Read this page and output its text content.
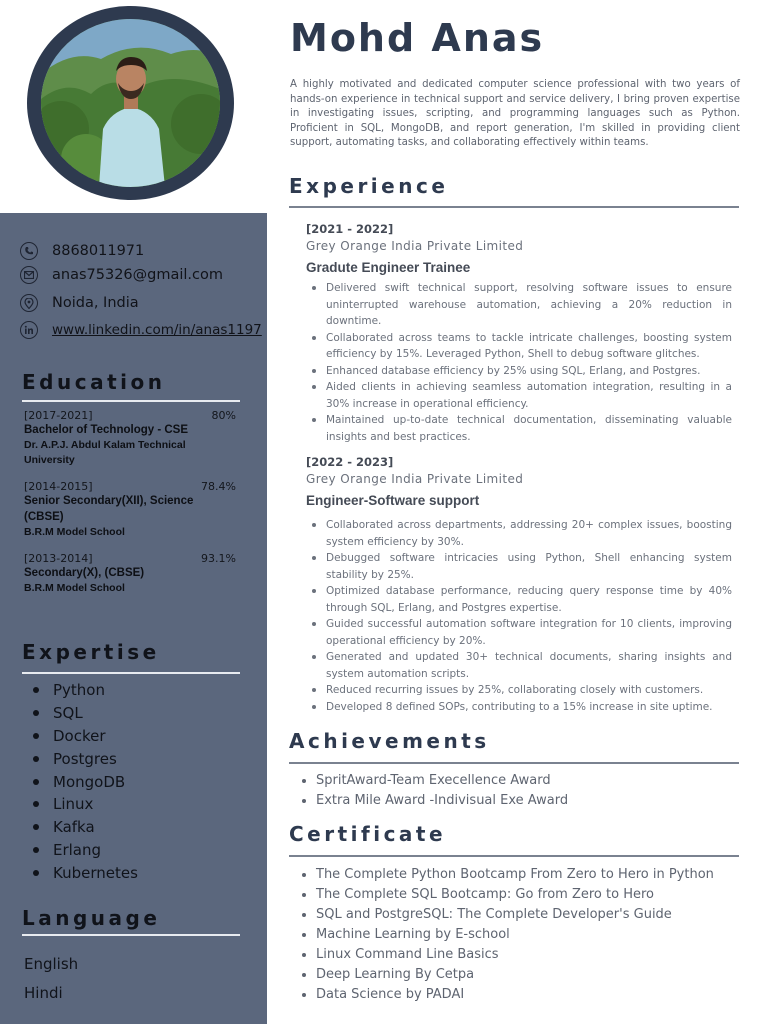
8868011971
anas75326@gmail.com
Noida, India
www.linkedin.com/in/anas1197
Education
[2017-2021]	80%
Bachelor of Technology - CSE
Dr. A.P.J. Abdul Kalam Technical University
[2014-2015]	78.4%
Senior Secondary(XII), Science (CBSE)
B.R.M Model School
[2013-2014]	93.1%
Secondary(X), (CBSE)
B.R.M Model School
Expertise
Python
SQL
Docker
Postgres
MongoDB
Linux
Kafka
Erlang
Kubernetes
Language
English
Hindi
Mohd Anas
A highly motivated and dedicated computer science professional with two years of hands-on experience in technical support and service delivery, I bring proven expertise in investigating issues, scripting, and programming languages such as Python. Proficient in SQL, MongoDB, and report generation, I'm skilled in providing client support, automating tasks, and collaborating effectively within teams.
Experience
[2021 - 2022]
Grey Orange India Private Limited
Gradute Engineer Trainee
Delivered swift technical support, resolving software issues to ensure uninterrupted warehouse automation, achieving a 20% reduction in downtime.
Collaborated across teams to tackle intricate challenges, boosting system efficiency by 15%. Leveraged Python, Shell to debug software glitches.
Enhanced database efficiency by 25% using SQL, Erlang, and Postgres.
Aided clients in achieving seamless automation integration, resulting in a 30% increase in operational efficiency.
Maintained up-to-date technical documentation, disseminating valuable insights and best practices.
[2022 - 2023]
Grey Orange India Private Limited
Engineer-Software support
Collaborated across departments, addressing 20+ complex issues, boosting system efficiency by 30%.
Debugged software intricacies using Python, Shell enhancing system stability by 25%.
Optimized database performance, reducing query response time by 40% through SQL, Erlang, and Postgres expertise.
Guided successful automation software integration for 10 clients, improving operational efficiency by 20%.
Generated and updated 30+ technical documents, sharing insights and system automation scripts.
Reduced recurring issues by 25%, collaborating closely with customers.
Developed 8 defined SOPs, contributing to a 15% increase in site uptime.
Achievements
SpritAward-Team Execellence Award
Extra Mile Award -Indivisual Exe Award
Certificate
The Complete Python Bootcamp From Zero to Hero in Python
The Complete SQL Bootcamp: Go from Zero to Hero
SQL and PostgreSQL: The Complete Developer's Guide
Machine Learning by E-school
Linux Command Line Basics
Deep Learning By Cetpa
Data Science by PADAI
